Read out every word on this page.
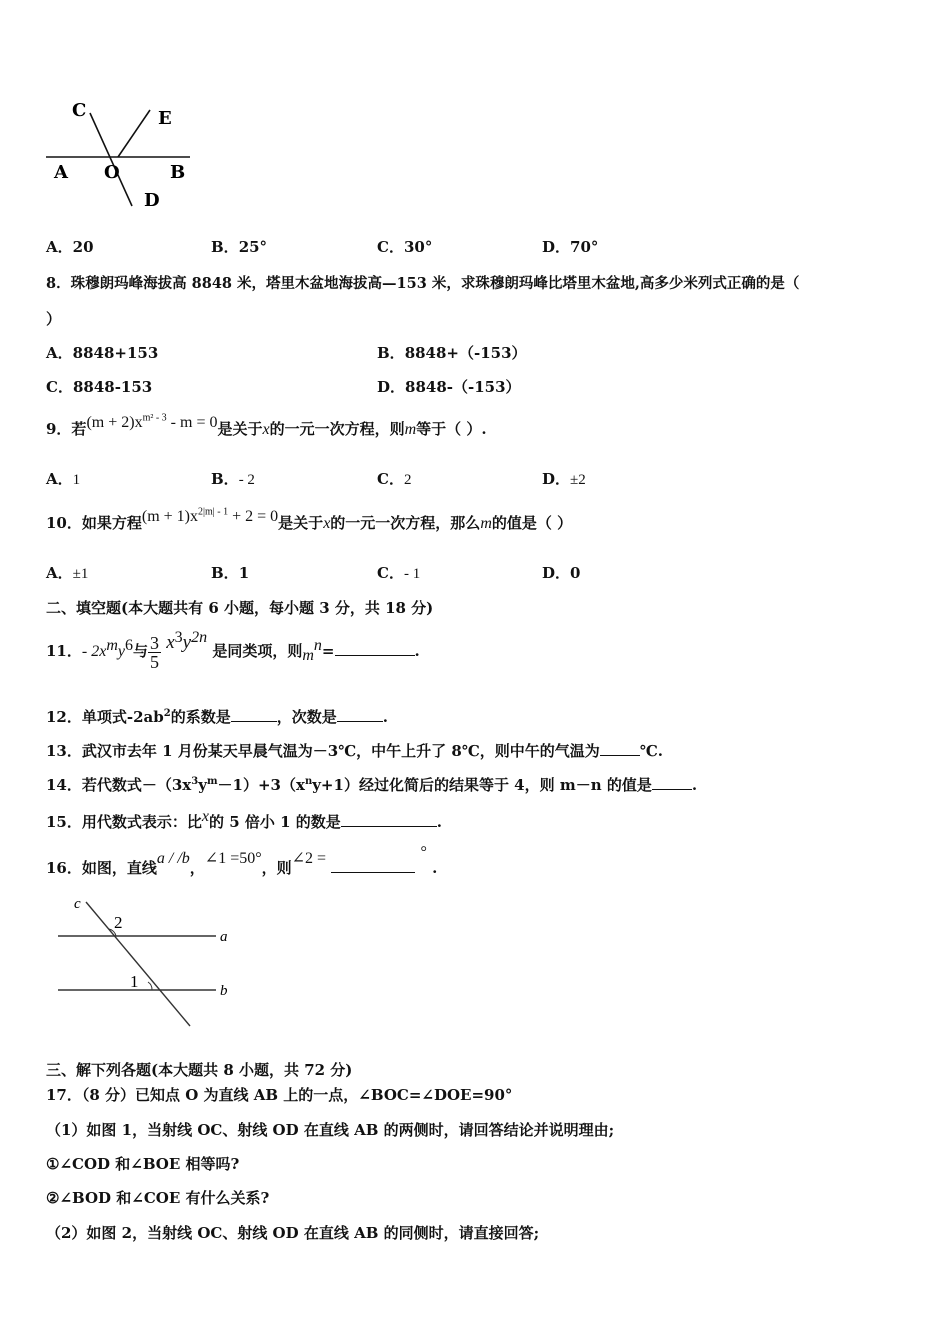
C	E
A O	B
D
A．20	B．25°	C．30°	D．70°
8．珠穆朗玛峰海拔高 8848 米，塔里木盆地海拔高—153 米，求珠穆朗玛峰比塔里木盆地,高多少米列式正确的是（
）
A．8848+153	B．8848+（-153）
C．8848-153	D．8848-（-153）
9．若$(m + 2)x^{m^2 - 3} - m = 0$是关于x的一元一次方程，则m等于（ ）.
A．1	B．- 2	C．2	D．±2
10．如果方程$(m + 1)x^{2|m| - 1} + 2 = 0$是关于x的一元一次方程，那么m的值是（ ）
A．±1	B．1	C．- 1	D．0
二、填空题(本大题共有 6 小题，每小题 3 分，共 18 分)
11．- $2x^my^6$与 $\frac{3}{5} x^3y^{2n}$ 是同类项，则$m^n=$	.
12．单项式$-2ab^2$的系数是	，次数是	.
13．武汉市去年 1 月份某天早晨气温为－3℃，中午上升了 8℃，则中午的气温为	℃.
14．若代数式$-(3x^3y^m-1)+3(x^ny+1)$经过化简后的结果等于 4，则 m－n 的值是	.
15．用代数式表示：比$^x$的 5 倍小 1 的数是	.
16．如图，直线a / /b，∠1 =50°，则∠2 =	° .
c
2
a
1	b
三、解下列各题(本大题共 8 小题，共 72 分)
17．（8 分）已知点 O 为直线 AB 上的一点，∠BOC=∠DOE=90°
（1）如图 1，当射线 OC、射线 OD 在直线 AB 的两侧时，请回答结论并说明理由;
①∠COD 和∠BOE 相等吗?
②∠BOD 和∠COE 有什么关系?
（2）如图 2，当射线 OC、射线 OD 在直线 AB 的同侧时，请直接回答;
